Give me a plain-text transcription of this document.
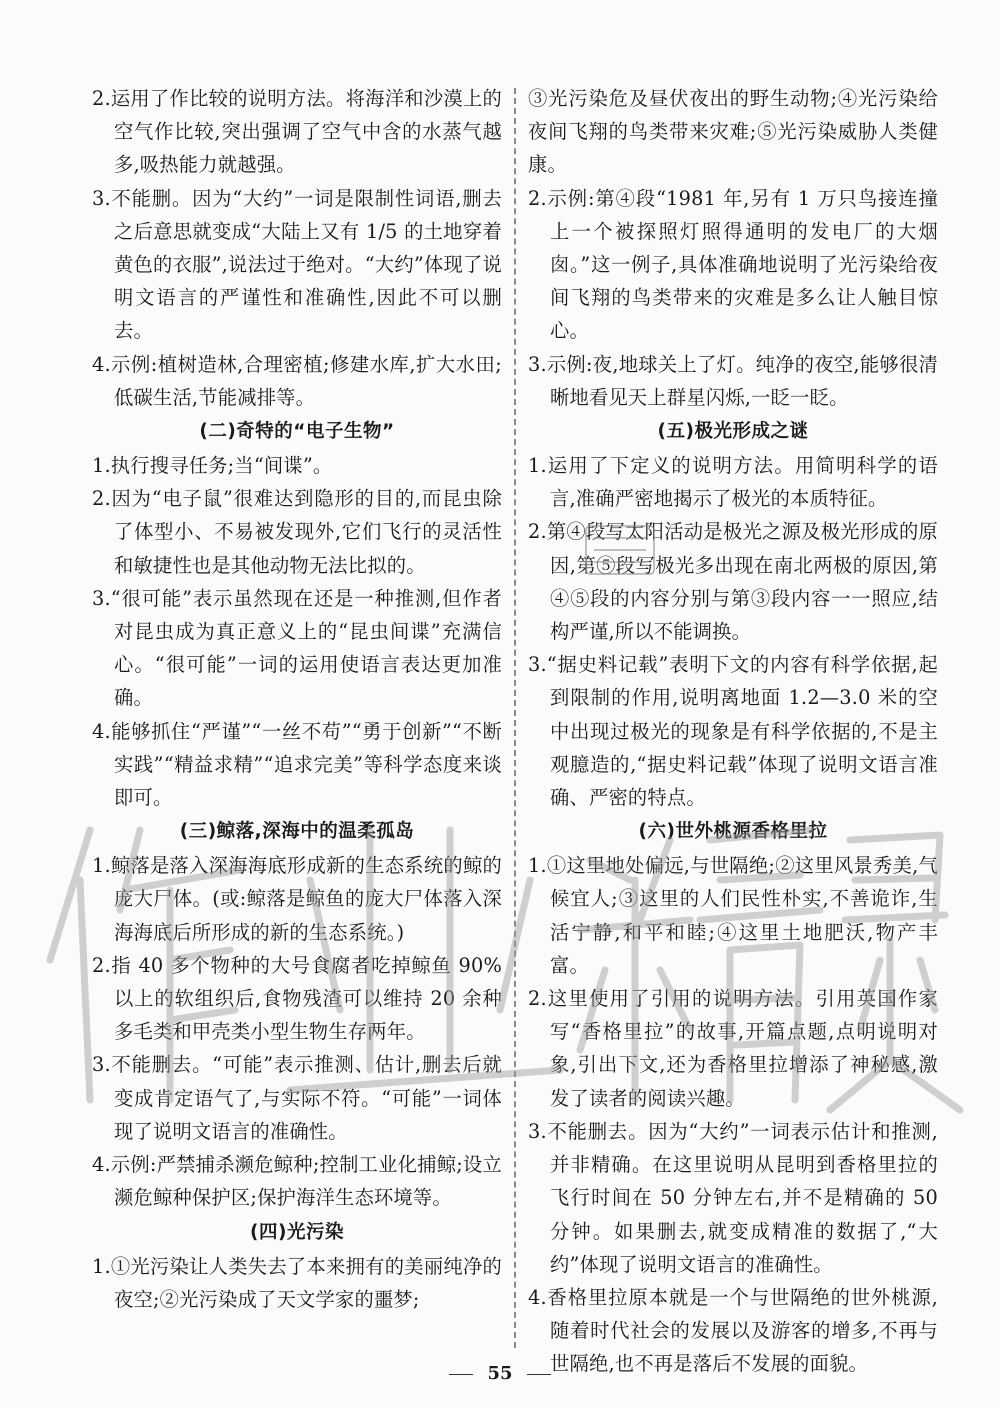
2.运用了作比较的说明方法。将海洋和沙漠上的空气作比较,突出强调了空气中含的水蒸气越多,吸热能力就越强。
3.不能删。因为“大约”一词是限制性词语,删去之后意思就变成“大陆上又有 1/5 的土地穿着黄色的衣服”,说法过于绝对。“大约”体现了说明文语言的严谨性和准确性,因此不可以删去。
4.示例:植树造林,合理密植;修建水库,扩大水田;低碳生活,节能减排等。
(二)奇特的“电子生物”
1.执行搜寻任务;当“间谍”。
2.因为“电子鼠”很难达到隐形的目的,而昆虫除了体型小、不易被发现外,它们飞行的灵活性和敏捷性也是其他动物无法比拟的。
3.“很可能”表示虽然现在还是一种推测,但作者对昆虫成为真正意义上的“昆虫间谍”充满信心。“很可能”一词的运用使语言表达更加准确。
4.能够抓住“严谨”“一丝不苟”“勇于创新”“不断实践”“精益求精”“追求完美”等科学态度来谈即可。
(三)鲸落,深海中的温柔孤岛
1.鲸落是落入深海海底形成新的生态系统的鲸的庞大尸体。(或:鲸落是鲸鱼的庞大尸体落入深海海底后所形成的新的生态系统。)
2.指 40 多个物种的大号食腐者吃掉鲸鱼 90% 以上的软组织后,食物残渣可以维持 20 余种多毛类和甲壳类小型生物生存两年。
3.不能删去。“可能”表示推测、估计,删去后就变成肯定语气了,与实际不符。“可能”一词体现了说明文语言的准确性。
4.示例:严禁捕杀濒危鲸种;控制工业化捕鲸;设立濒危鲸种保护区;保护海洋生态环境等。
(四)光污染
1.①光污染让人类失去了本来拥有的美丽纯净的夜空;②光污染成了天文学家的噩梦;
③光污染危及昼伏夜出的野生动物;④光污染给夜间飞翔的鸟类带来灾难;⑤光污染威胁人类健康。
2.示例:第④段“1981 年,另有 1 万只鸟接连撞上一个被探照灯照得通明的发电厂的大烟囱。”这一例子,具体准确地说明了光污染给夜间飞翔的鸟类带来的灾难是多么让人触目惊心。
3.示例:夜,地球关上了灯。纯净的夜空,能够很清晰地看见天上群星闪烁,一眨一眨。
(五)极光形成之谜
1.运用了下定义的说明方法。用简明科学的语言,准确严密地揭示了极光的本质特征。
2.第④段写太阳活动是极光之源及极光形成的原因,第⑤段写极光多出现在南北两极的原因,第④⑤段的内容分别与第③段内容一一照应,结构严谨,所以不能调换。
3.“据史料记载”表明下文的内容有科学依据,起到限制的作用,说明离地面 1.2—3.0 米的空中出现过极光的现象是有科学依据的,不是主观臆造的,“据史料记载”体现了说明文语言准确、严密的特点。
(六)世外桃源香格里拉
1.①这里地处偏远,与世隔绝;②这里风景秀美,气候宜人;③这里的人们民性朴实,不善诡诈,生活宁静,和平和睦;④这里土地肥沃,物产丰富。
2.这里使用了引用的说明方法。引用英国作家写“香格里拉”的故事,开篇点题,点明说明对象,引出下文,还为香格里拉增添了神秘感,激发了读者的阅读兴趣。
3.不能删去。因为“大约”一词表示估计和推测,并非精确。在这里说明从昆明到香格里拉的飞行时间在 50 分钟左右,并不是精确的 50 分钟。如果删去,就变成精准的数据了,“大约”体现了说明文语言的准确性。
4.香格里拉原本就是一个与世隔绝的世外桃源,随着时代社会的发展以及游客的增多,不再与世隔绝,也不再是落后不发展的面貌。
55
